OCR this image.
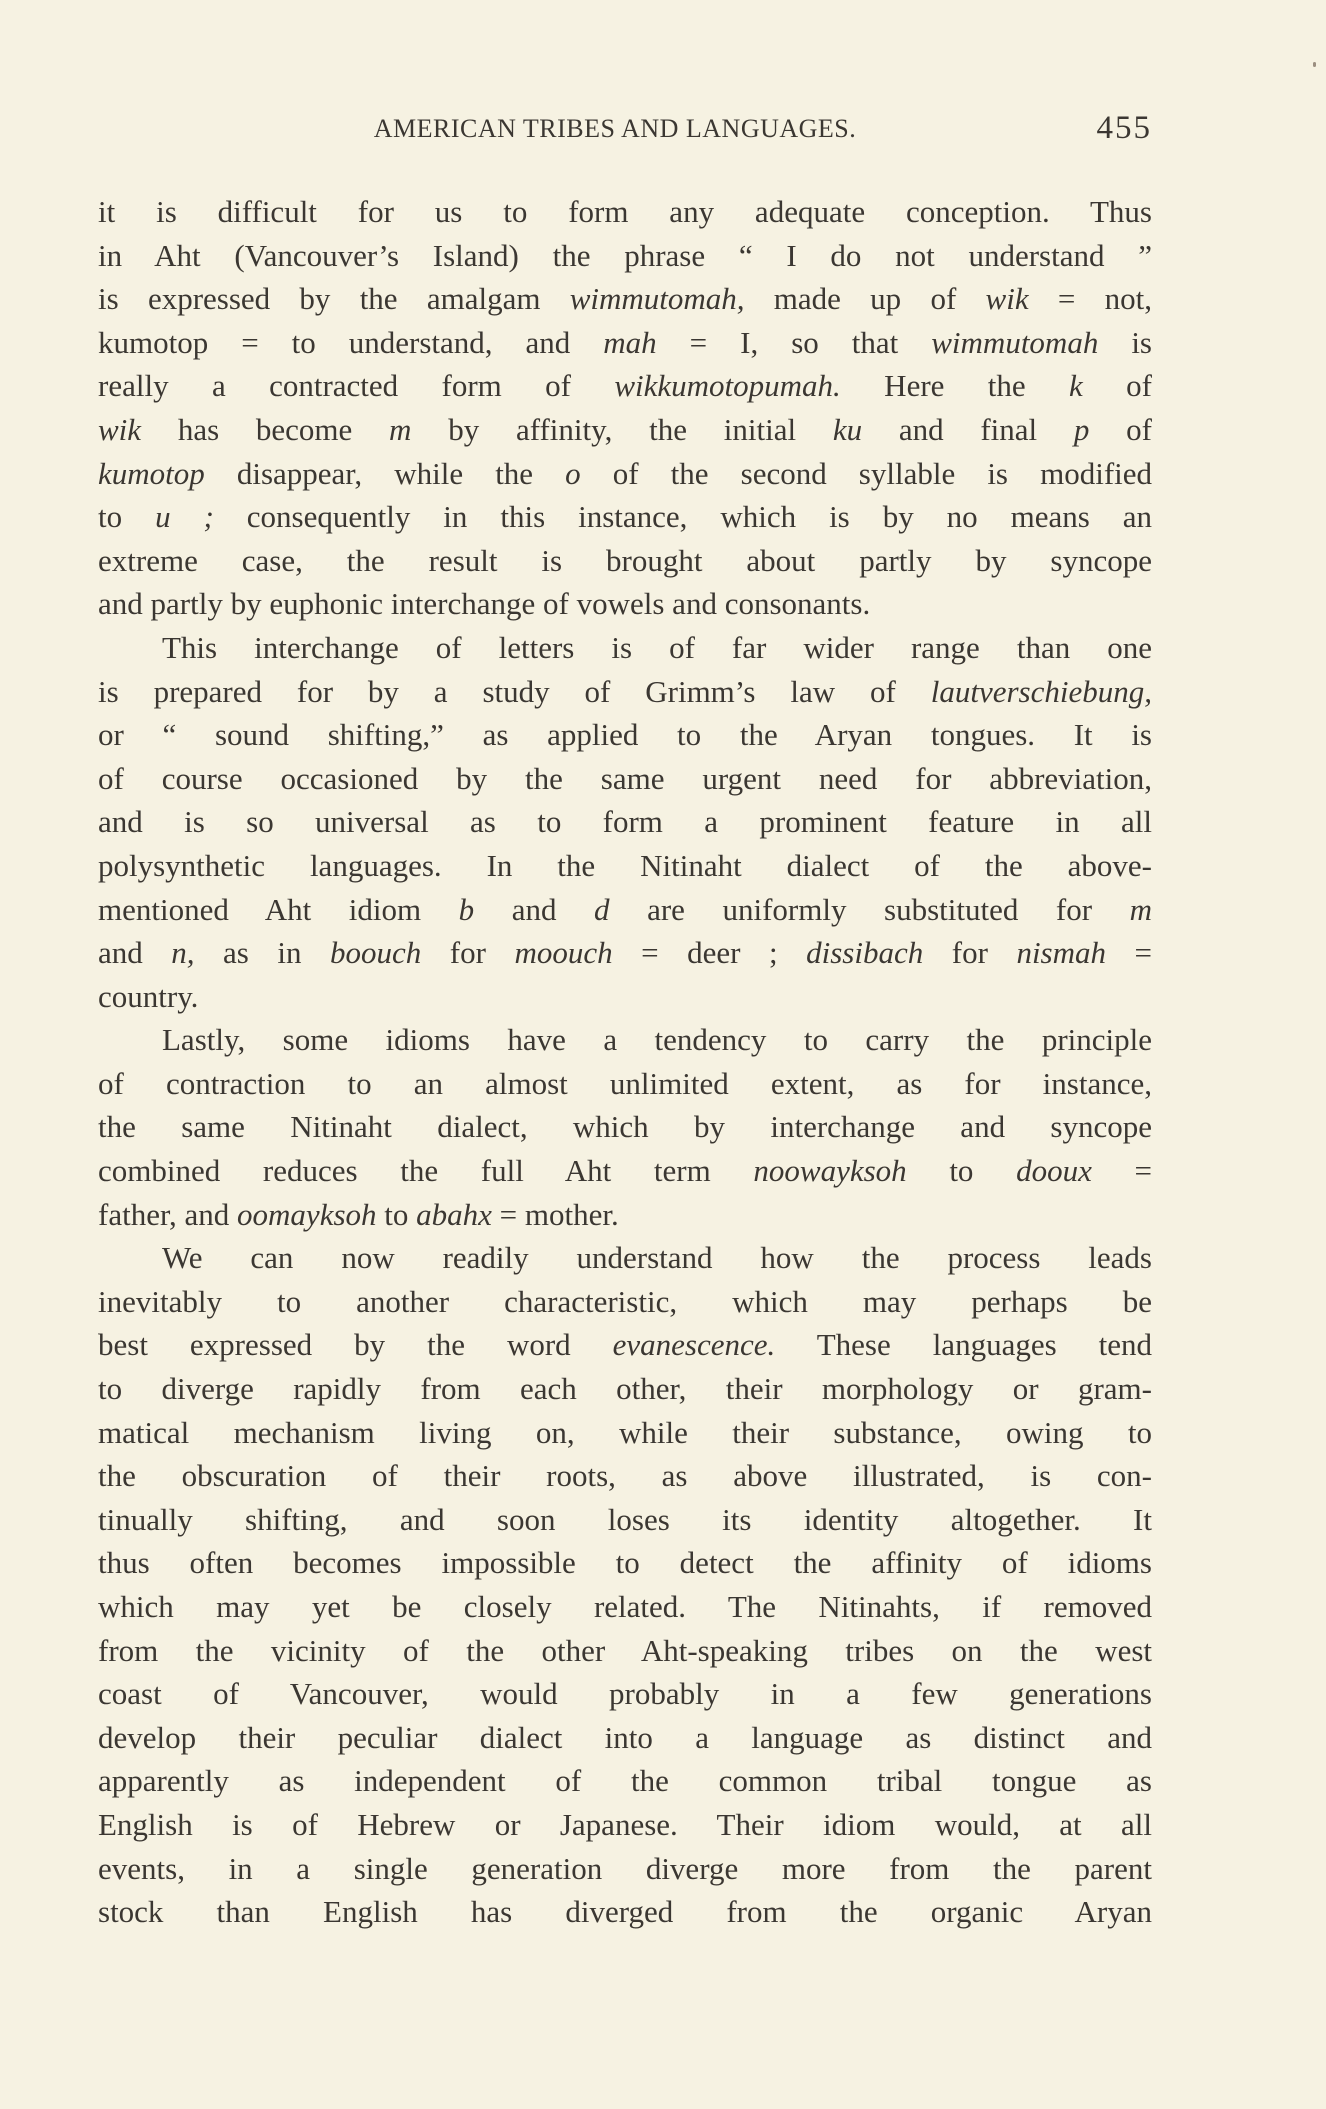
AMERICAN TRIBES AND LANGUAGES.	455
it is difficult for us to form any adequate conception. Thus
in Aht (Vancouver’s Island) the phrase “ I do not understand ”
is expressed by the amalgam wimmutomah, made up of wik = not,
kumotop = to understand, and mah = I, so that wimmutomah is
really a contracted form of wikkumotopumah. Here the k of
wik has become m by affinity, the initial ku and final p of
kumotop disappear, while the o of the second syllable is modified
to u ; consequently in this instance, which is by no means an
extreme case, the result is brought about partly by syncope
and partly by euphonic interchange of vowels and consonants.
This interchange of letters is of far wider range than one
is prepared for by a study of Grimm’s law of lautverschiebung,
or “ sound shifting,” as applied to the Aryan tongues. It is
of course occasioned by the same urgent need for abbreviation,
and is so universal as to form a prominent feature in all
polysynthetic languages. In the Nitinaht dialect of the above-
mentioned Aht idiom b and d are uniformly substituted for m
and n, as in boouch for moouch = deer ; dissibach for nismah =
country.
Lastly, some idioms have a tendency to carry the principle
of contraction to an almost unlimited extent, as for instance,
the same Nitinaht dialect, which by interchange and syncope
combined reduces the full Aht term noowayksoh to dooux =
father, and oomayksoh to abahx = mother.
We can now readily understand how the process leads
inevitably to another characteristic, which may perhaps be
best expressed by the word evanescence. These languages tend
to diverge rapidly from each other, their morphology or gram-
matical mechanism living on, while their substance, owing to
the obscuration of their roots, as above illustrated, is con-
tinually shifting, and soon loses its identity altogether. It
thus often becomes impossible to detect the affinity of idioms
which may yet be closely related. The Nitinahts, if removed
from the vicinity of the other Aht-speaking tribes on the west
coast of Vancouver, would probably in a few generations
develop their peculiar dialect into a language as distinct and
apparently as independent of the common tribal tongue as
English is of Hebrew or Japanese. Their idiom would, at all
events, in a single generation diverge more from the parent
stock than English has diverged from the organic Aryan
